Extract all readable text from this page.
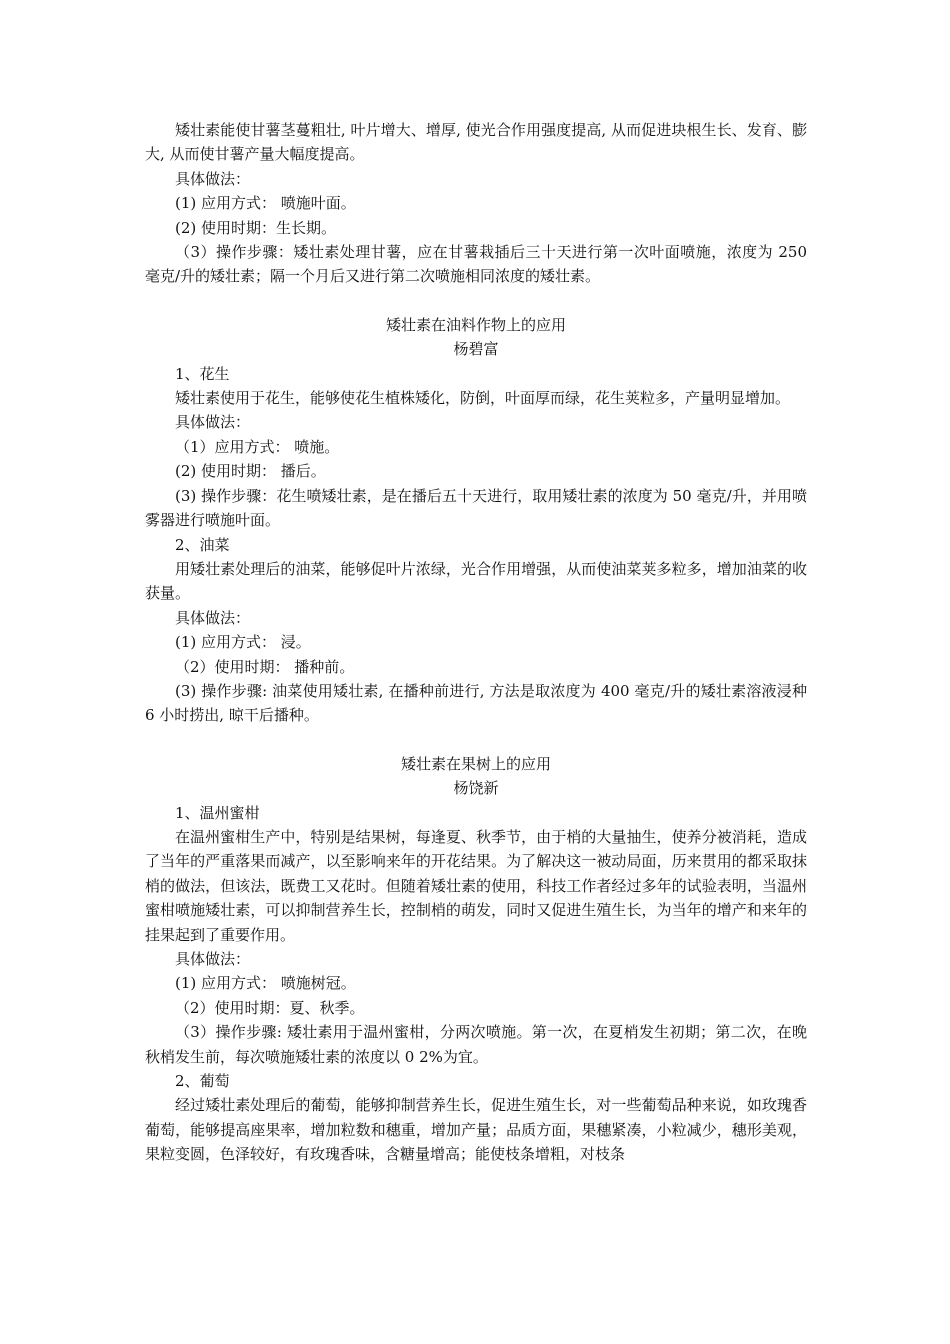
矮壮素能使甘薯茎蔓粗壮, 叶片增大、增厚, 使光合作用强度提高, 从而促进块根生长、发育、膨大, 从而使甘薯产量大幅度提高。

具体做法：

(1) 应用方式： 喷施叶面。

(2) 使用时期：生长期。

（3）操作步骤：矮壮素处理甘薯，应在甘薯栽插后三十天进行第一次叶面喷施，浓度为 250 毫克/升的矮壮素；隔一个月后又进行第二次喷施相同浓度的矮壮素。

矮壮素在油料作物上的应用

杨碧富

1、花生

矮壮素使用于花生，能够使花生植株矮化，防倒，叶面厚而绿，花生荚粒多，产量明显增加。

具体做法：

（1）应用方式： 喷施。

(2) 使用时期： 播后。

(3) 操作步骤：花生喷矮壮素，是在播后五十天进行，取用矮壮素的浓度为 50 毫克/升，并用喷雾器进行喷施叶面。

2、油菜

用矮壮素处理后的油菜，能够促叶片浓绿，光合作用增强，从而使油菜荚多粒多，增加油菜的收获量。

具体做法：

(1) 应用方式： 浸。

（2）使用时期： 播种前。

(3) 操作步骤: 油菜使用矮壮素, 在播种前进行, 方法是取浓度为 400 毫克/升的矮壮素溶液浸种 6 小时捞出, 晾干后播种。

矮壮素在果树上的应用

杨饶新

1、温州蜜柑

在温州蜜柑生产中，特别是结果树，每逢夏、秋季节，由于梢的大量抽生，使养分被消耗，造成了当年的严重落果而减产，以至影响来年的开花结果。为了解决这一被动局面，历来贯用的都采取抹梢的做法，但该法，既费工又花时。但随着矮壮素的使用，科技工作者经过多年的试验表明，当温州蜜柑喷施矮壮素，可以抑制营养生长，控制梢的萌发，同时又促进生殖生长，为当年的增产和来年的挂果起到了重要作用。

具体做法：

(1) 应用方式： 喷施树冠。

（2）使用时期：夏、秋季。

（3）操作步骤: 矮壮素用于温州蜜柑，分两次喷施。第一次，在夏梢发生初期；第二次，在晚秋梢发生前，每次喷施矮壮素的浓度以 0 2%为宜。

2、葡萄

经过矮壮素处理后的葡萄，能够抑制营养生长，促进生殖生长，对一些葡萄品种来说，如玫瑰香葡萄，能够提高座果率，增加粒数和穗重，增加产量；品质方面，果穗紧凑，小粒减少，穗形美观，果粒变圆，色泽较好，有玫瑰香味，含糖量增高；能使枝条增粗，对枝条
